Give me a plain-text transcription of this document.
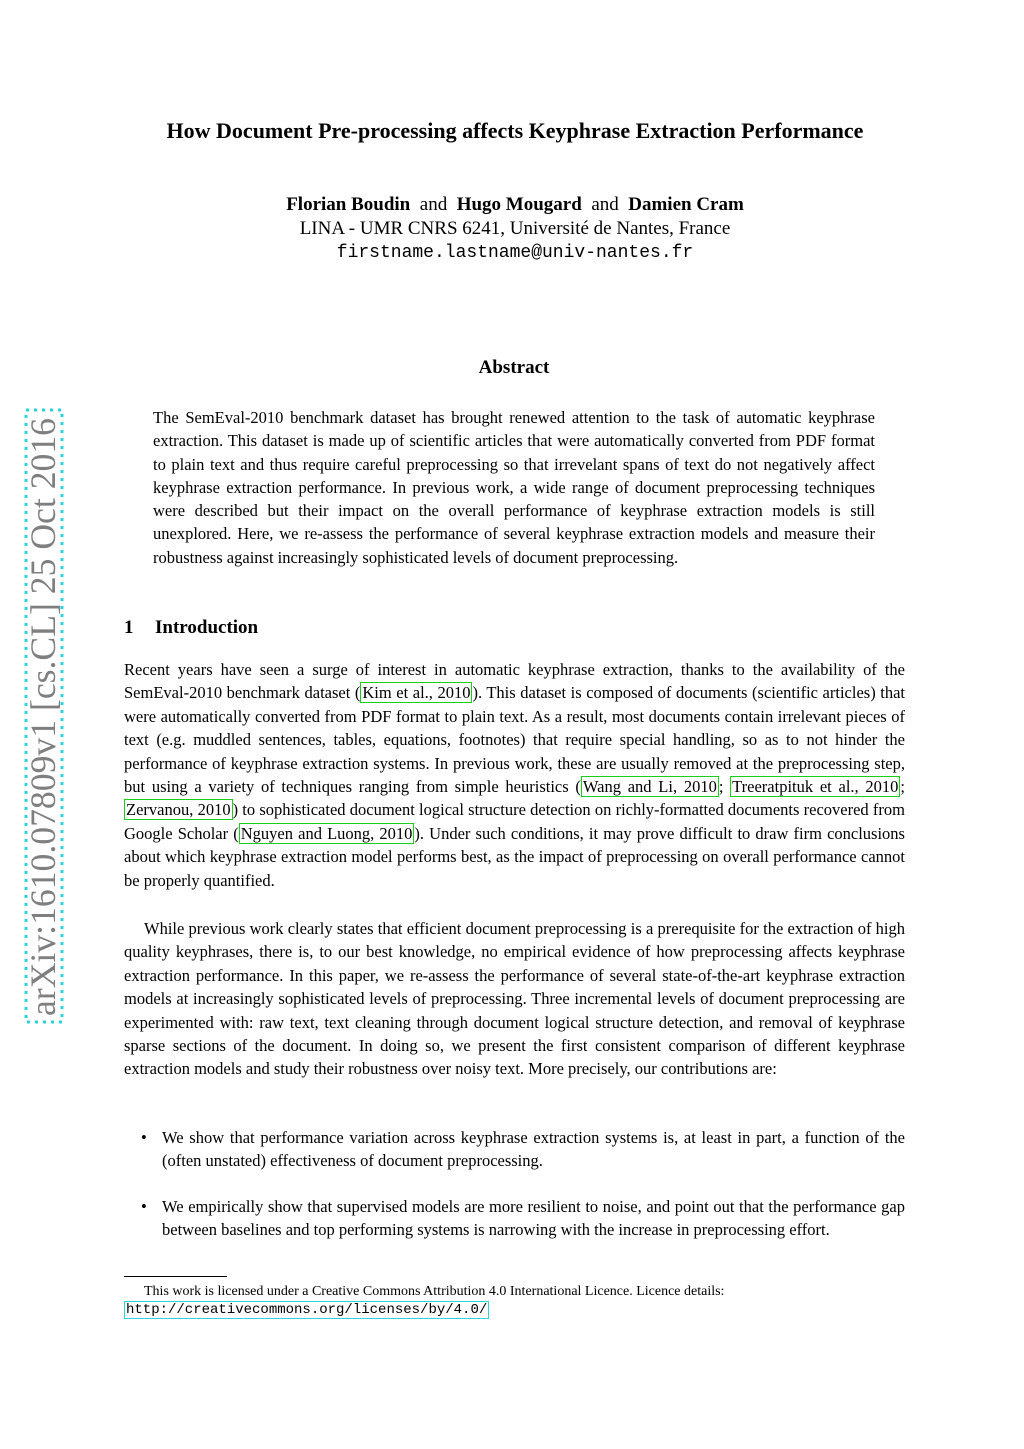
arXiv:1610.07809v1 [cs.CL] 25 Oct 2016
How Document Pre-processing affects Keyphrase Extraction Performance
Florian Boudin and Hugo Mougard and Damien Cram
LINA - UMR CNRS 6241, Université de Nantes, France
firstname.lastname@univ-nantes.fr
Abstract
The SemEval-2010 benchmark dataset has brought renewed attention to the task of automatic keyphrase extraction. This dataset is made up of scientific articles that were automatically converted from PDF format to plain text and thus require careful preprocessing so that irrevelant spans of text do not negatively affect keyphrase extraction performance. In previous work, a wide range of document preprocessing techniques were described but their impact on the overall performance of keyphrase extraction models is still unexplored. Here, we re-assess the performance of several keyphrase extraction models and measure their robustness against increasingly sophisticated levels of document preprocessing.
1 Introduction
Recent years have seen a surge of interest in automatic keyphrase extraction, thanks to the availability of the SemEval-2010 benchmark dataset ( Kim et al., 2010 ). This dataset is composed of documents (scientific articles) that were automatically converted from PDF format to plain text. As a result, most documents contain irrelevant pieces of text (e.g. muddled sentences, tables, equations, footnotes) that require special handling, so as to not hinder the performance of keyphrase extraction systems. In previous work, these are usually removed at the preprocessing step, but using a variety of techniques ranging from simple heuristics ( Wang and Li, 2010 ; Treeratpituk et al., 2010 ; Zervanou, 2010 ) to sophisticated document logical structure detection on richly-formatted documents recovered from Google Scholar ( Nguyen and Luong, 2010 ). Under such conditions, it may prove difficult to draw firm conclusions about which keyphrase extraction model performs best, as the impact of preprocessing on overall performance cannot be properly quantified.
While previous work clearly states that efficient document preprocessing is a prerequisite for the extraction of high quality keyphrases, there is, to our best knowledge, no empirical evidence of how preprocessing affects keyphrase extraction performance. In this paper, we re-assess the performance of several state-of-the-art keyphrase extraction models at increasingly sophisticated levels of preprocessing. Three incremental levels of document preprocessing are experimented with: raw text, text cleaning through document logical structure detection, and removal of keyphrase sparse sections of the document. In doing so, we present the first consistent comparison of different keyphrase extraction models and study their robustness over noisy text. More precisely, our contributions are:
• We show that performance variation across keyphrase extraction systems is, at least in part, a function of the (often unstated) effectiveness of document preprocessing.
• We empirically show that supervised models are more resilient to noise, and point out that the performance gap between baselines and top performing systems is narrowing with the increase in preprocessing effort.
This work is licensed under a Creative Commons Attribution 4.0 International Licence. Licence details:
http://creativecommons.org/licenses/by/4.0/
